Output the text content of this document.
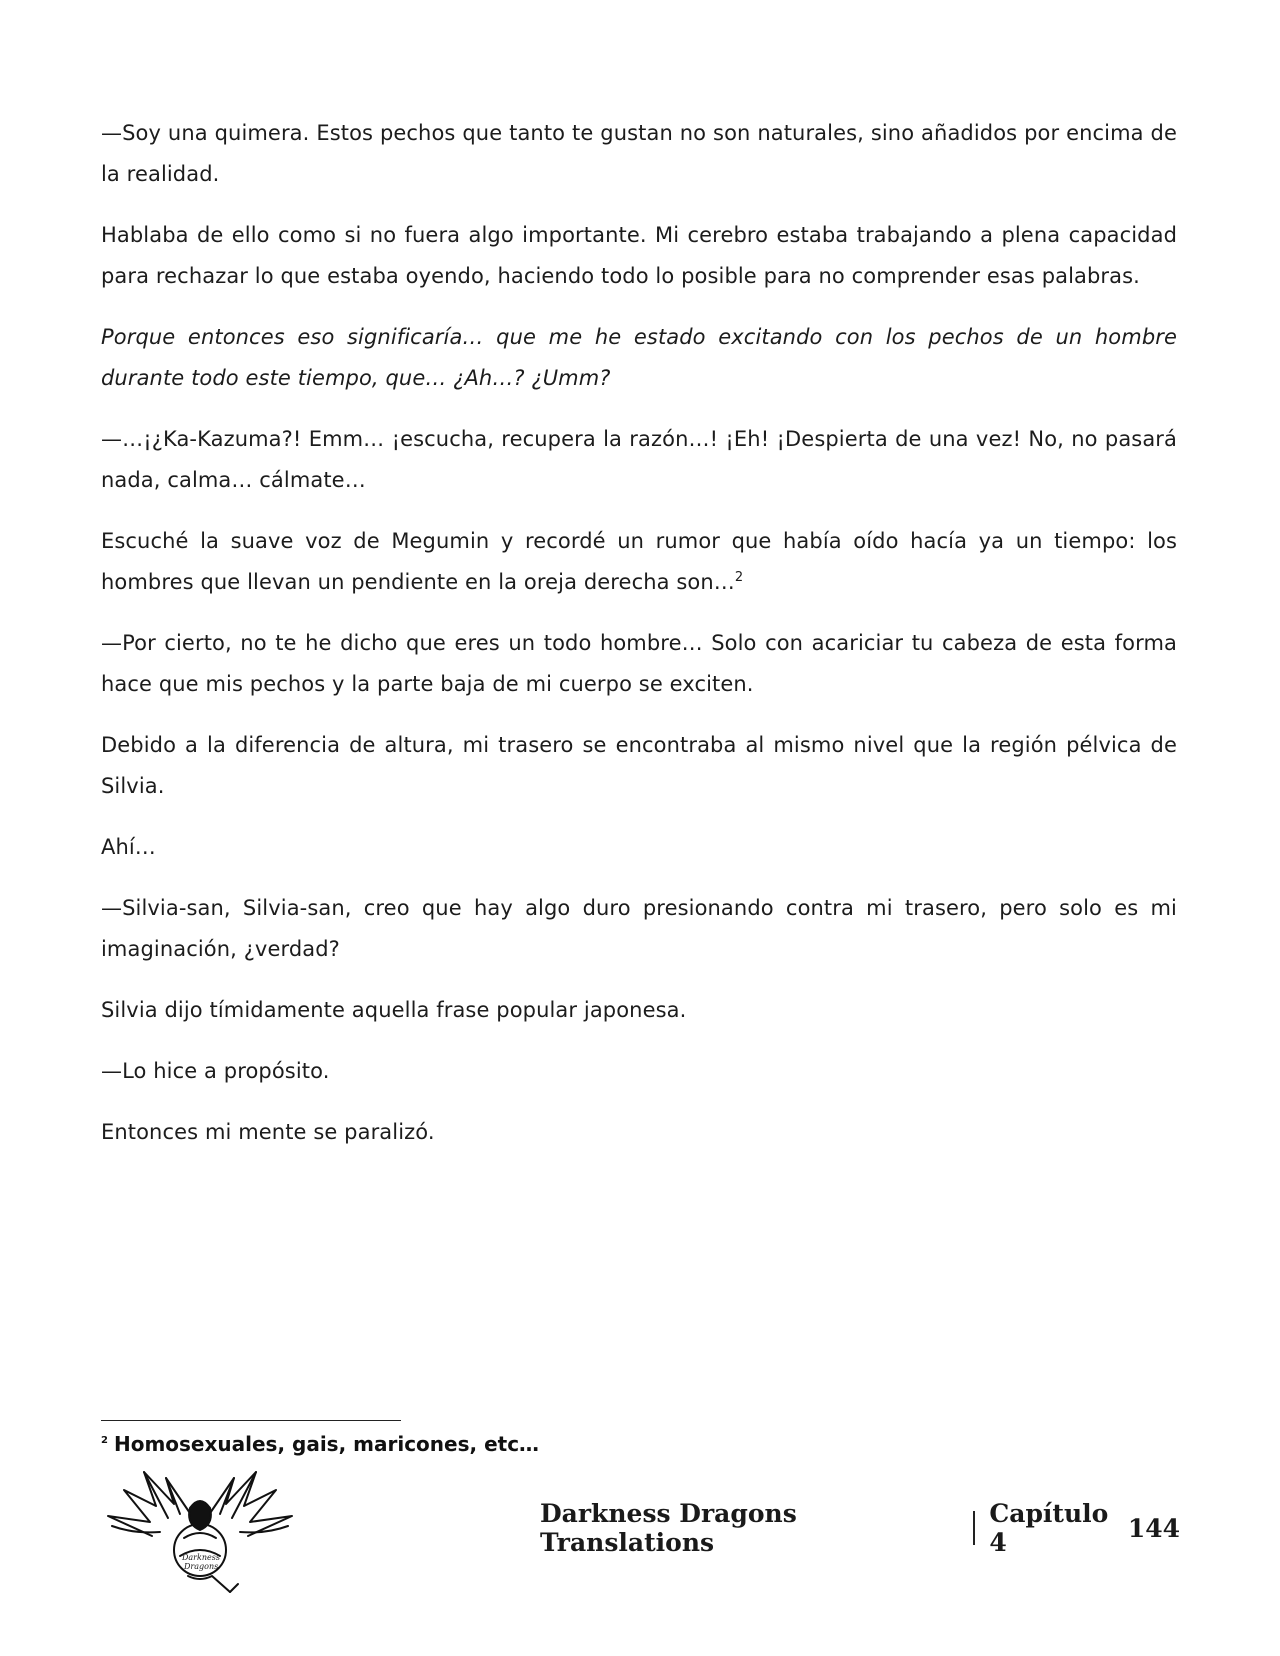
—Soy una quimera. Estos pechos que tanto te gustan no son naturales, sino añadidos por encima de la realidad.

Hablaba de ello como si no fuera algo importante. Mi cerebro estaba trabajando a plena capacidad para rechazar lo que estaba oyendo, haciendo todo lo posible para no comprender esas palabras.

Porque entonces eso significaría… que me he estado excitando con los pechos de un hombre durante todo este tiempo, que… ¿Ah…? ¿Umm?

—…¡¿Ka-Kazuma?! Emm… ¡escucha, recupera la razón…! ¡Eh! ¡Despierta de una vez! No, no pasará nada, calma… cálmate…

Escuché la suave voz de Megumin y recordé un rumor que había oído hacía ya un tiempo: los hombres que llevan un pendiente en la oreja derecha son…$^2$

—Por cierto, no te he dicho que eres un todo hombre… Solo con acariciar tu cabeza de esta forma hace que mis pechos y la parte baja de mi cuerpo se exciten.

Debido a la diferencia de altura, mi trasero se encontraba al mismo nivel que la región pélvica de Silvia.

Ahí…

—Silvia-san, Silvia-san, creo que hay algo duro presionando contra mi trasero, pero solo es mi imaginación, ¿verdad?

Silvia dijo tímidamente aquella frase popular japonesa.

—Lo hice a propósito.

Entonces mi mente se paralizó.

$^2$ Homosexuales, gais, maricones, etc…
Darkness
Dragons
Darkness Dragons Translations
Capítulo 4	144
